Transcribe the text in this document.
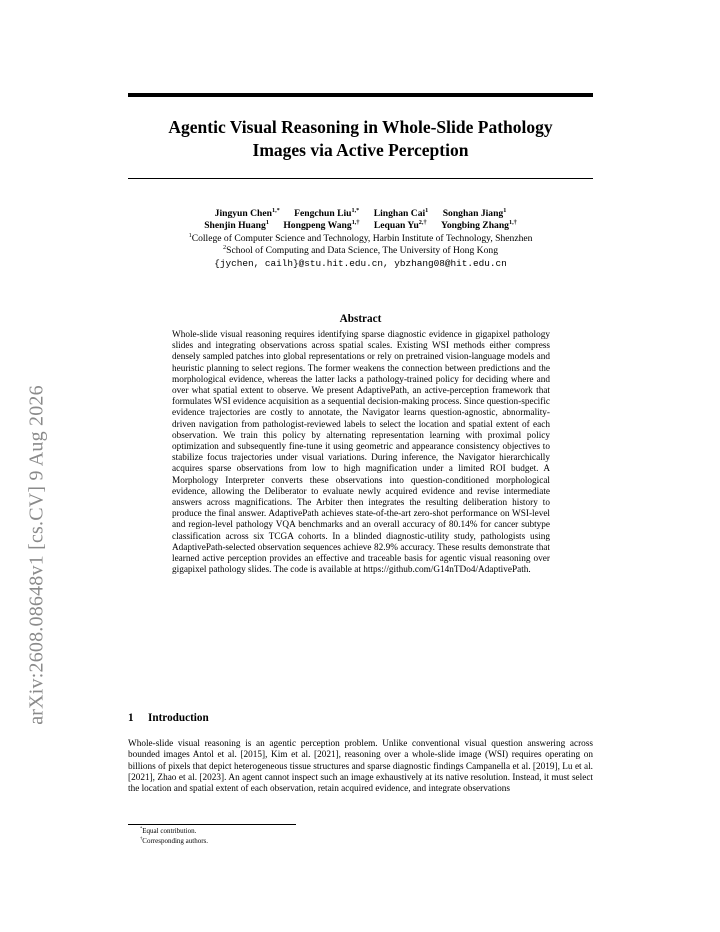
arXiv:2608.08648v1 [cs.CV] 9 Aug 2026
Agentic Visual Reasoning in Whole-Slide Pathology
Images via Active Perception
Jingyun Chen$^{1,*}$ Fengchun Liu$^{1,*}$ Linghan Cai$^1$ Songhan Jiang$^1$
Shenjin Huang$^1$ Hongpeng Wang$^{1,\dagger}$ Lequan $Yu^{2,\dagger}$ Yongbing Zhang$^{1,\dagger}$
$^1$College of Computer Science and Technology, Harbin Institute of Technology, Shenzhen
$^2$School of Computing and Data Science, The University of Hong Kong
{jychen, cailh}@stu.hit.edu.cn, ybzhang08@hit.edu.cn
Abstract
Whole-slide visual reasoning requires identifying sparse diagnostic evidence in gigapixel pathology slides and integrating observations across spatial scales. Existing WSI methods either compress densely sampled patches into global representations or rely on pretrained vision-language models and heuristic planning to select regions. The former weakens the connection between predictions and the morphological evidence, whereas the latter lacks a pathology-trained policy for deciding where and over what spatial extent to observe. We present AdaptivePath, an active-perception framework that formulates WSI evidence acquisition as a sequential decision-making process. Since question-specific evidence trajectories are costly to annotate, the Navigator learns question-agnostic, abnormality-driven navigation from pathologist-reviewed labels to select the location and spatial extent of each observation. We train this policy by alternating representation learning with proximal policy optimization and subsequently fine-tune it using geometric and appearance consistency objectives to stabilize focus trajectories under visual variations. During inference, the Navigator hierarchically acquires sparse observations from low to high magnification under a limited ROI budget. A Morphology Interpreter converts these observations into question-conditioned morphological evidence, allowing the Deliberator to evaluate newly acquired evidence and revise intermediate answers across magnifications. The Arbiter then integrates the resulting deliberation history to produce the final answer. AdaptivePath achieves state-of-the-art zero-shot performance on WSI-level and region-level pathology VQA benchmarks and an overall accuracy of 80.14% for cancer subtype classification across six TCGA cohorts. In a blinded diagnostic-utility study, pathologists using AdaptivePath-selected observation sequences achieve 82.9% accuracy. These results demonstrate that learned active perception provides an effective and traceable basis for agentic visual reasoning over gigapixel pathology slides. The code is available at https://github.com/G14nTDo4/AdaptivePath.
1 Introduction
Whole-slide visual reasoning is an agentic perception problem. Unlike conventional visual question answering across bounded images Antol et al. [2015], Kim et al. [2021], reasoning over a whole-slide image (WSI) requires operating on billions of pixels that depict heterogeneous tissue structures and sparse diagnostic findings Campanella et al. [2019], Lu et al. [2021], Zhao et al. [2023]. An agent cannot inspect such an image exhaustively at its native resolution. Instead, it must select the location and spatial extent of each observation, retain acquired evidence, and integrate observations
*Equal contribution.
†Corresponding authors.
